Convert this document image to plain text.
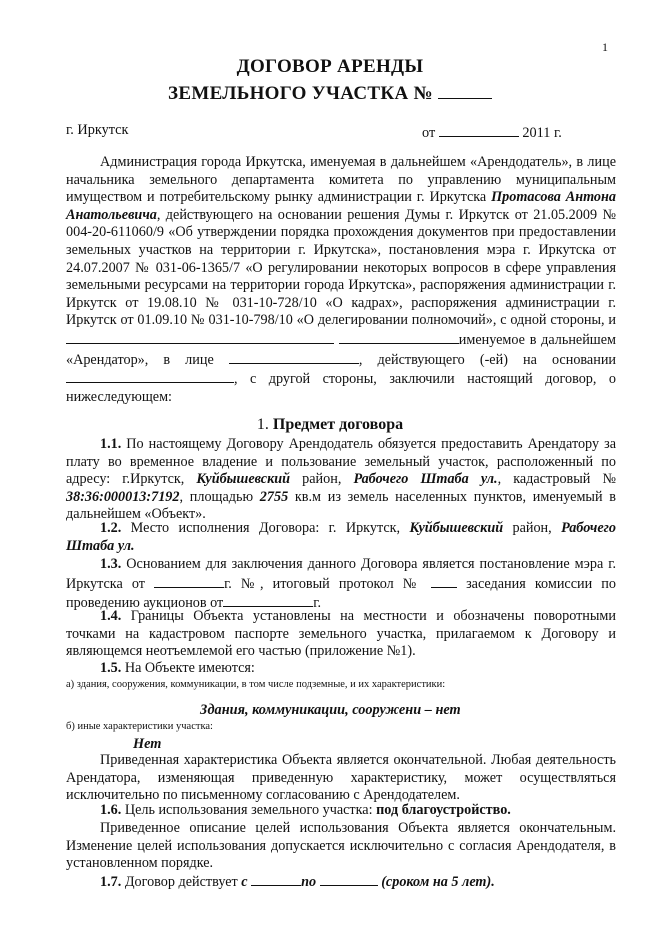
1
ДОГОВОР АРЕНДЫ
ЗЕМЕЛЬНОГО УЧАСТКА №
г. Иркутск	от	2011 г.

Администрация города Иркутска, именуемая в дальнейшем «Арендодатель», в лице начальника земельного департамента комитета по управлению муниципальным имуществом и потребительскому рынку администрации г. Иркутска Протасова Антона Анатольевича, действующего на основании решения Думы г. Иркутск от 21.05.2009 № 004-20-611060/9 «Об утверждении порядка прохождения документов при предоставлении земельных участков на территории г. Иркутска», постановления мэра г. Иркутска от 24.07.2007 № 031-06-1365/7 «О регулировании некоторых вопросов в сфере управления земельными ресурсами на территории города Иркутска», распоряжения администрации г. Иркутск от 19.08.10 № 031-10-728/10 «О кадрах», распоряжения администрации г. Иркутск от 01.09.10 № 031-10-798/10 «О делегировании полномочий», с одной стороны, и  именуемое в дальнейшем «Арендатор», в лице	, действующего (-ей) на основании , с другой стороны, заключили настоящий договор, о нижеследующем:

1. Предмет договора

1.1. По настоящему Договору Арендодатель обязуется предоставить Арендатору за плату во временное владение и пользование земельный участок, расположенный по адресу: г.Иркутск, Куйбышевский район, Рабочего Штаба ул., кадастровый № 38:36:000013:7192, площадью 2755 кв.м из земель населенных пунктов, именуемый в дальнейшем «Объект».

1.2. Место исполнения Договора: г. Иркутск, Куйбышевский район, Рабочего Штаба ул.

1.3. Основанием для заключения данного Договора является постановление мэра г. Иркутска от	г. №, итоговый протокол №  заседания комиссии по проведению аукционов от	г.

1.4. Границы Объекта установлены на местности и обозначены поворотными точками на кадастровом паспорте земельного участка, прилагаемом к Договору и являющемся неотъемлемой его частью (приложение №1).

1.5. На Объекте имеются:

а) здания, сооружения, коммуникации, в том числе подземные, и их характеристики:
Здания, коммуникации, сооружени – нет
б) иные характеристики участка:
Нет

Приведенная характеристика Объекта является окончательной. Любая деятельность Арендатора, изменяющая приведенную характеристику, может осуществляться исключительно по письменному согласованию с Арендодателем.

1.6. Цель использования земельного участка: под благоустройство.

Приведенное описание целей использования Объекта является окончательным. Изменение целей использования допускается исключительно с согласия Арендодателя, в установленном порядке.

1.7. Договор действует с	по	(сроком на 5 лет).
